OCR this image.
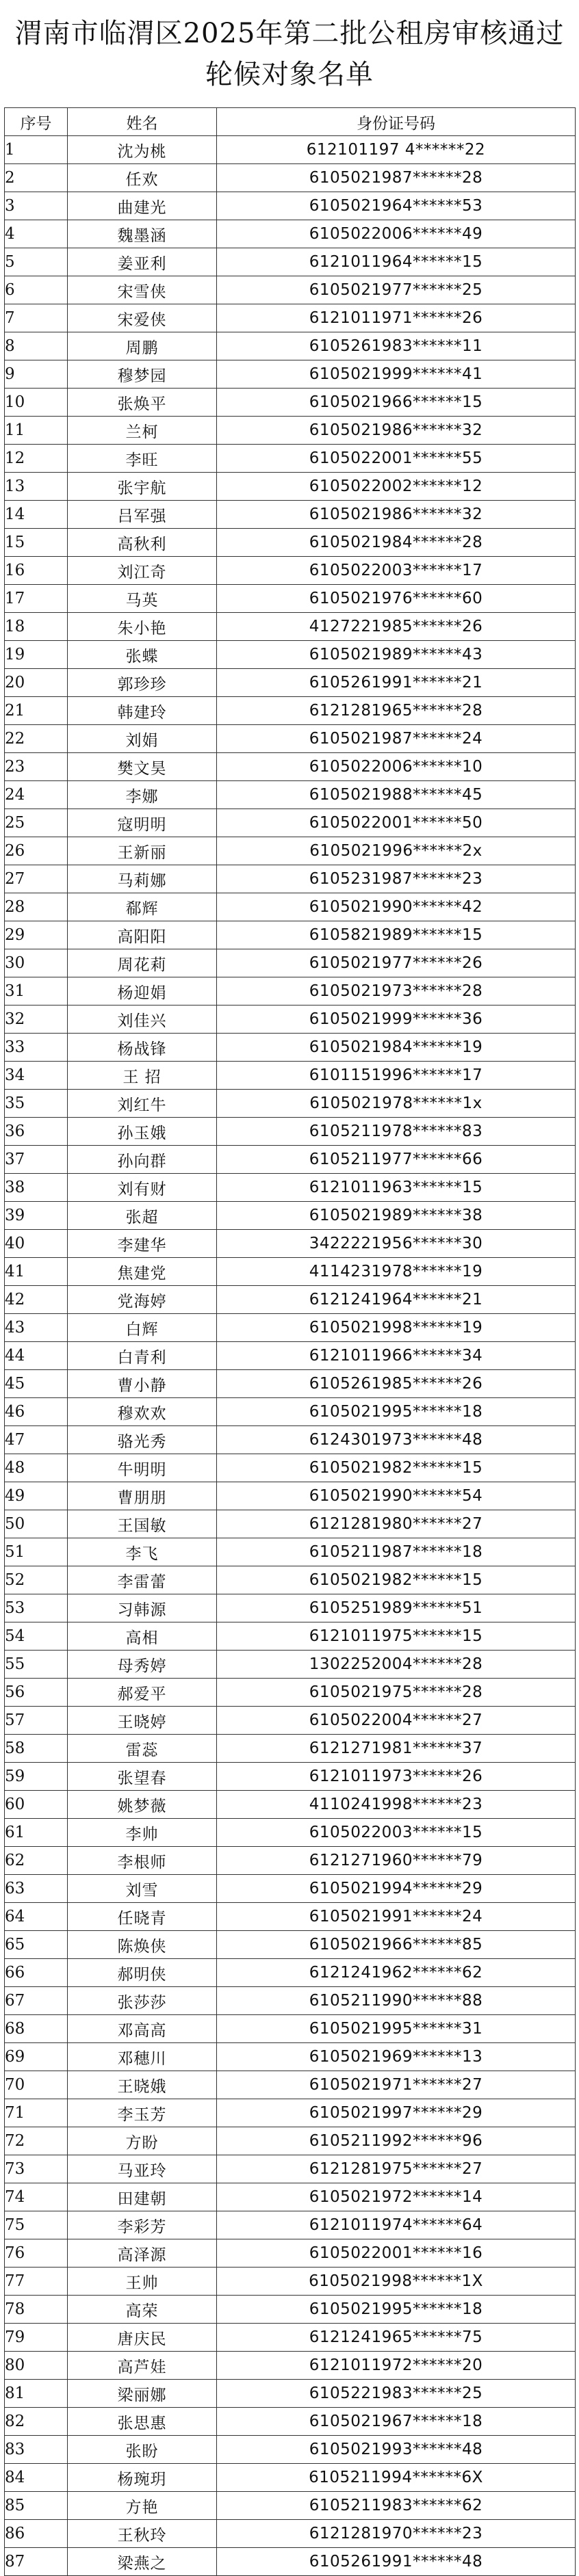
渭南市临渭区2025年第二批公租房审核通过
轮候对象名单
序号	姓名	身份证号码
1	沈为桃	612101197 4******22
2	任欢	6105021987******28
3	曲建光	6105021964******53
4	魏墨涵	6105022006******49
5	姜亚利	6121011964******15
6	宋雪侠	6105021977******25
7	宋爱侠	6121011971******26
8	周鹏	6105261983******11
9	穆梦园	6105021999******41
10	张焕平	6105021966******15
11	兰柯	6105021986******32
12	李旺	6105022001******55
13	张宇航	6105022002******12
14	吕军强	6105021986******32
15	高秋利	6105021984******28
16	刘江奇	6105022003******17
17	马英	6105021976******60
18	朱小艳	4127221985******26
19	张蝶	6105021989******43
20	郭珍珍	6105261991******21
21	韩建玲	6121281965******28
22	刘娟	6105021987******24
23	樊文昊	6105022006******10
24	李娜	6105021988******45
25	寇明明	6105022001******50
26	王新丽	6105021996******2x
27	马莉娜	6105231987******23
28	郗辉	6105021990******42
29	高阳阳	6105821989******15
30	周花莉	6105021977******26
31	杨迎娟	6105021973******28
32	刘佳兴	6105021999******36
33	杨战锋	6105021984******19
34	王 招	6101151996******17
35	刘红牛	6105021978******1x
36	孙玉娥	6105211978******83
37	孙向群	6105211977******66
38	刘有财	6121011963******15
39	张超	6105021989******38
40	李建华	3422221956******30
41	焦建党	4114231978******19
42	党海婷	6121241964******21
43	白辉	6105021998******19
44	白青利	6121011966******34
45	曹小静	6105261985******26
46	穆欢欢	6105021995******18
47	骆光秀	6124301973******48
48	牛明明	6105021982******15
49	曹朋朋	6105021990******54
50	王国敏	6121281980******27
51	李飞	6105211987******18
52	李雷蕾	6105021982******15
53	习韩源	6105251989******51
54	高相	6121011975******15
55	母秀婷	1302252004******28
56	郝爱平	6105021975******28
57	王晓婷	6105022004******27
58	雷蕊	6121271981******37
59	张望春	6121011973******26
60	姚梦薇	4110241998******23
61	李帅	6105022003******15
62	李根师	6121271960******79
63	刘雪	6105021994******29
64	任晓青	6105021991******24
65	陈焕侠	6105021966******85
66	郝明侠	6121241962******62
67	张莎莎	6105211990******88
68	邓高高	6105021995******31
69	邓穗川	6105021969******13
70	王晓娥	6105021971******27
71	李玉芳	6105021997******29
72	方盼	6105211992******96
73	马亚玲	6121281975******27
74	田建朝	6105021972******14
75	李彩芳	6121011974******64
76	高泽源	6105022001******16
77	王帅	6105021998******1X
78	高荣	6105021995******18
79	唐庆民	6121241965******75
80	高芦娃	6121011972******20
81	梁丽娜	6105221983******25
82	张思惠	6105021967******18
83	张盼	6105021993******48
84	杨琬玥	6105211994******6X
85	方艳	6105211983******62
86	王秋玲	6121281970******23
87	梁燕之	6105261991******48
